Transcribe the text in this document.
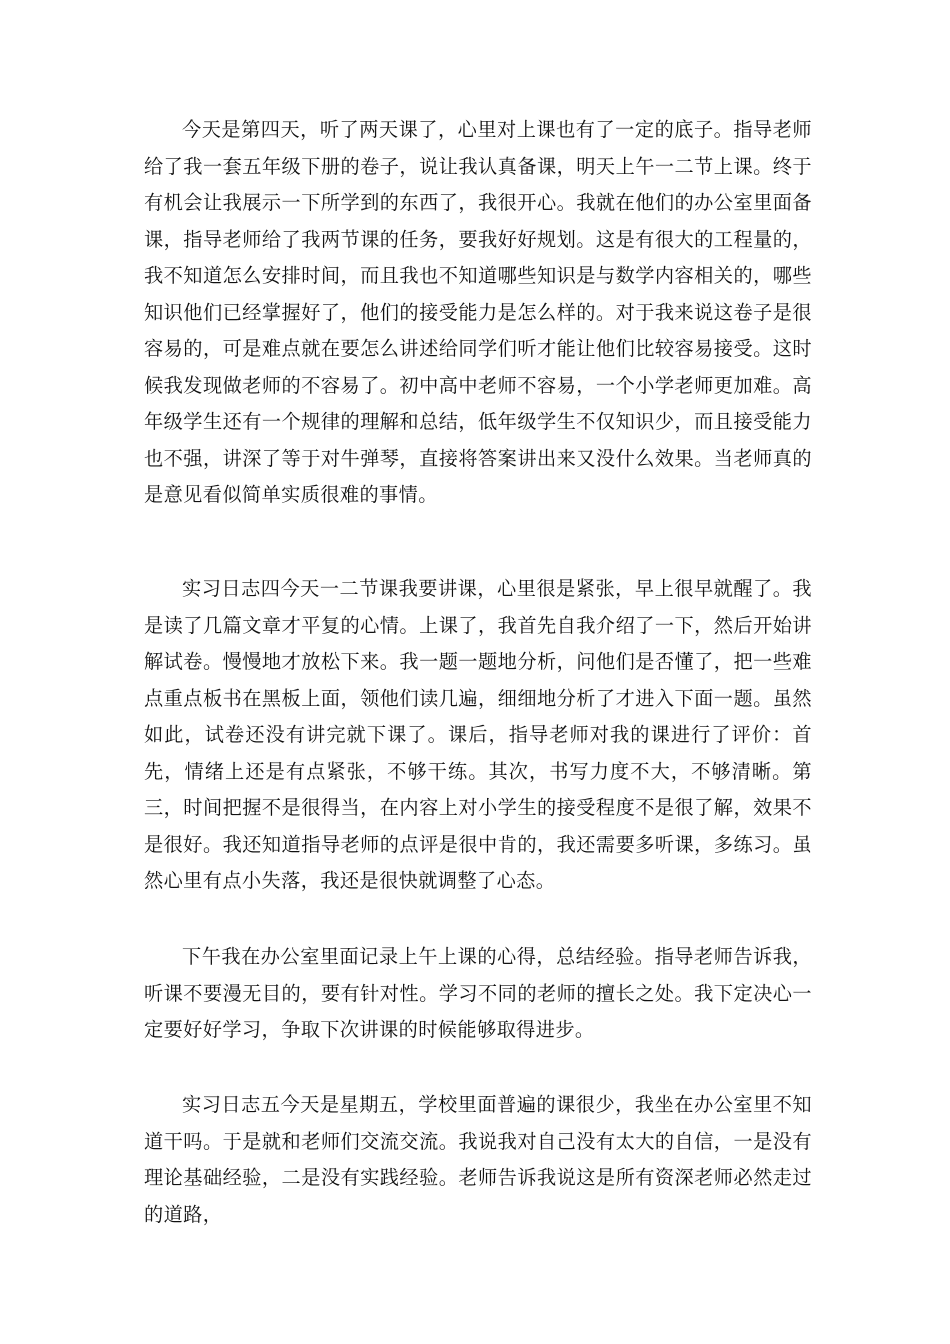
今天是第四天，听了两天课了，心里对上课也有了一定的底子。指导老师给了我一套五年级下册的卷子，说让我认真备课，明天上午一二节上课。终于有机会让我展示一下所学到的东西了，我很开心。我就在他们的办公室里面备课，指导老师给了我两节课的任务，要我好好规划。这是有很大的工程量的，我不知道怎么安排时间，而且我也不知道哪些知识是与数学内容相关的，哪些知识他们已经掌握好了，他们的接受能力是怎么样的。对于我来说这卷子是很容易的，可是难点就在要怎么讲述给同学们听才能让他们比较容易接受。这时候我发现做老师的不容易了。初中高中老师不容易，一个小学老师更加难。高年级学生还有一个规律的理解和总结，低年级学生不仅知识少，而且接受能力也不强，讲深了等于对牛弹琴，直接将答案讲出来又没什么效果。当老师真的是意见看似简单实质很难的事情。

实习日志四今天一二节课我要讲课，心里很是紧张，早上很早就醒了。我是读了几篇文章才平复的心情。上课了，我首先自我介绍了一下，然后开始讲解试卷。慢慢地才放松下来。我一题一题地分析，问他们是否懂了，把一些难点重点板书在黑板上面，领他们读几遍，细细地分析了才进入下面一题。虽然如此，试卷还没有讲完就下课了。课后，指导老师对我的课进行了评价：首先，情绪上还是有点紧张，不够干练。其次，书写力度不大，不够清晰。第三，时间把握不是很得当，在内容上对小学生的接受程度不是很了解，效果不是很好。我还知道指导老师的点评是很中肯的，我还需要多听课，多练习。虽然心里有点小失落，我还是很快就调整了心态。

下午我在办公室里面记录上午上课的心得，总结经验。指导老师告诉我，听课不要漫无目的，要有针对性。学习不同的老师的擅长之处。我下定决心一定要好好学习，争取下次讲课的时候能够取得进步。

实习日志五今天是星期五，学校里面普遍的课很少，我坐在办公室里不知道干吗。于是就和老师们交流交流。我说我对自己没有太大的自信，一是没有理论基础经验，二是没有实践经验。老师告诉我说这是所有资深老师必然走过的道路，
